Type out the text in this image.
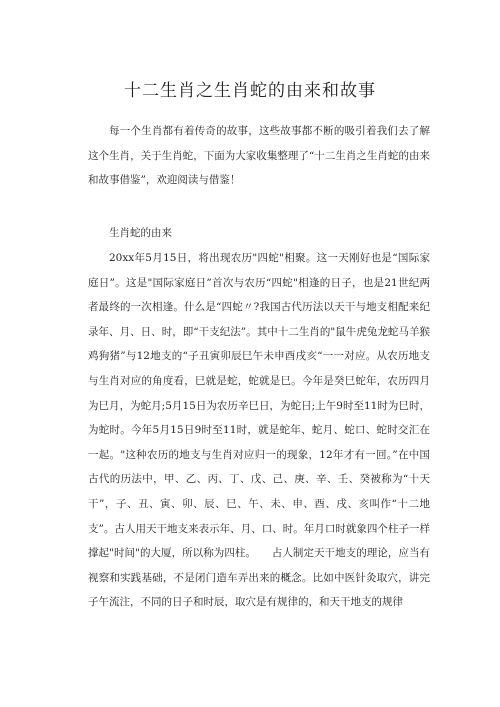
十二生肖之生肖蛇的由来和故事

每一个生肖都有着传奇的故事，这些故事都不断的吸引着我们去了解这个生肖，关于生肖蛇，下面为大家收集整理了“十二生肖之生肖蛇的由来和故事借鉴”，欢迎阅读与借鉴！

生肖蛇的由来

20xx年5月15日，将出现农历"四蛇"相聚。这一天刚好也是“国际家庭日”。这是"国际家庭日”首次与农历“四蛇"相逢的日子，也是21世纪两者最终的一次相逢。什么是“四蛇〃?我国古代历法以天干与地支相配来纪录年、月、日、时，即“干支纪法”。其中十二生肖的"鼠牛虎兔龙蛇马羊猴鸡狗猪”与12地支的“子丑寅卯辰巳午未申酉戌亥“一一对应。从农历地支与生肖对应的角度看，巳就是蛇，蛇就是巳。今年是癸巳蛇年，农历四月为巳月，为蛇月;5月15日为农历辛巳日，为蛇日;上午9时至11时为巳时，为蛇时。今年5月15日9时至11时，就是蛇年、蛇月、蛇口、蛇时交汇在一起。"这种农历的地支与生肖对应归一的现象，12年才有一回。”在中国古代的历法中，甲、乙、丙、丁、戊、己、庚、辛、壬、癸被称为“十天干”，子、丑、寅、卯、辰、巳、午、未、申、酉、戌、亥叫作“十二地支”。古人用天干地支来表示年、月、口、时。年月口时就象四个柱子一样撑起"时间"的大厦，所以称为四柱。　　占人制定天干地支的理论，应当有视察和实践基础，不是闭门造车弄出来的概念。比如中医针灸取穴，讲完子午流注，不同的日子和时辰，取穴是有规律的，和天干地支的规律
